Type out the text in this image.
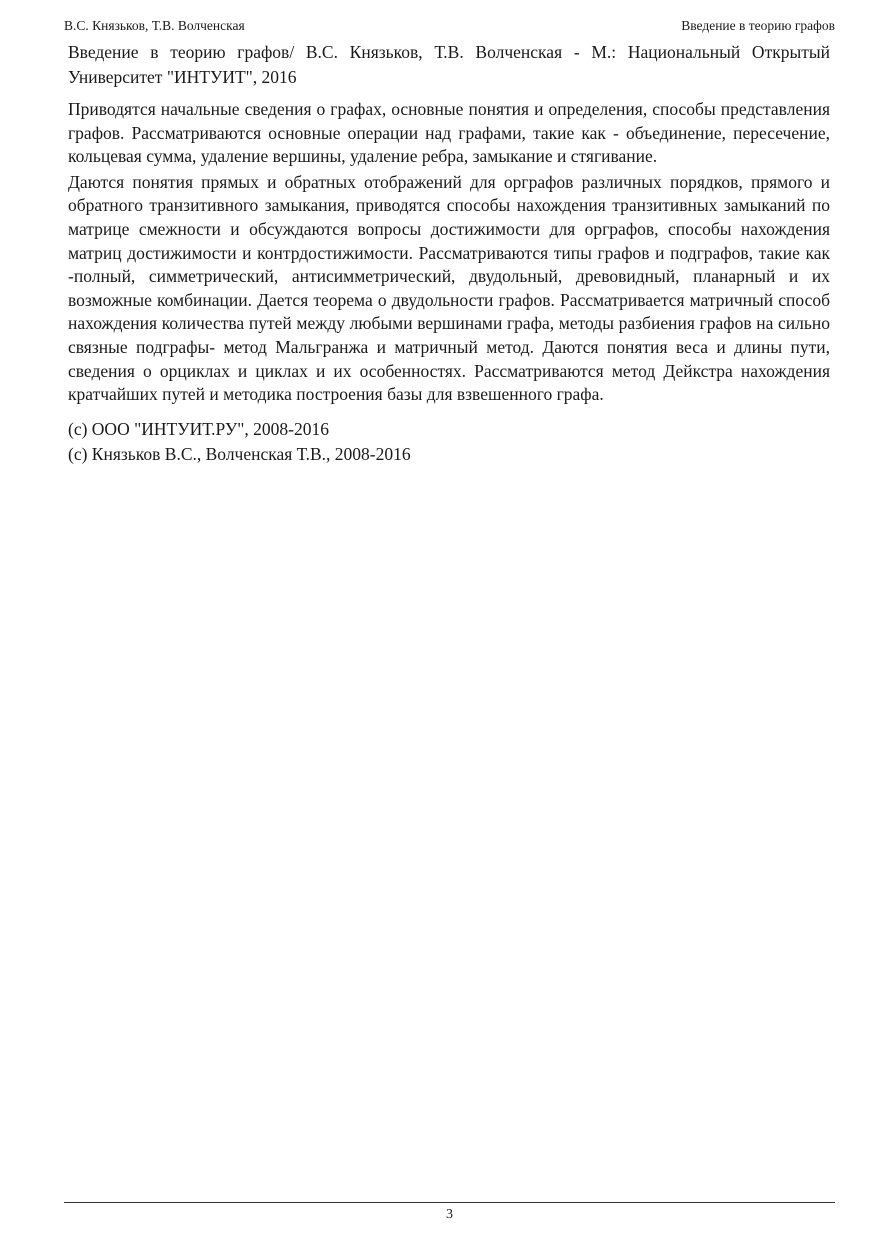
В.С. Князьков, Т.В. Волченская	Введение в теорию графов

Введение в теорию графов/ В.С. Князьков, Т.В. Волченская - М.: Национальный Открытый Университет "ИНТУИТ", 2016

Приводятся начальные сведения о графах, основные понятия и определения, способы представления графов. Рассматриваются основные операции над графами, такие как - объединение, пересечение, кольцевая сумма, удаление вершины, удаление ребра, замыкание и стягивание.

Даются понятия прямых и обратных отображений для орграфов различных порядков, прямого и обратного транзитивного замыкания, приводятся способы нахождения транзитивных замыканий по матрице смежности и обсуждаются вопросы достижимости для орграфов, способы нахождения матриц достижимости и контрдостижимости. Рассматриваются типы графов и подграфов, такие как -полный, симметрический, антисимметрический, двудольный, древовидный, планарный и их возможные комбинации. Дается теорема о двудольности графов. Рассматривается матричный способ нахождения количества путей между любыми вершинами графа, методы разбиения графов на сильно связные подграфы- метод Мальгранжа и матричный метод. Даются понятия веса и длины пути, сведения о орциклах и циклах и их особенностях. Рассматриваются метод Дейкстра нахождения кратчайших путей и методика построения базы для взвешенного графа.

(c) ООО "ИНТУИТ.РУ", 2008-2016

(c) Князьков В.С., Волченская Т.В., 2008-2016

3
